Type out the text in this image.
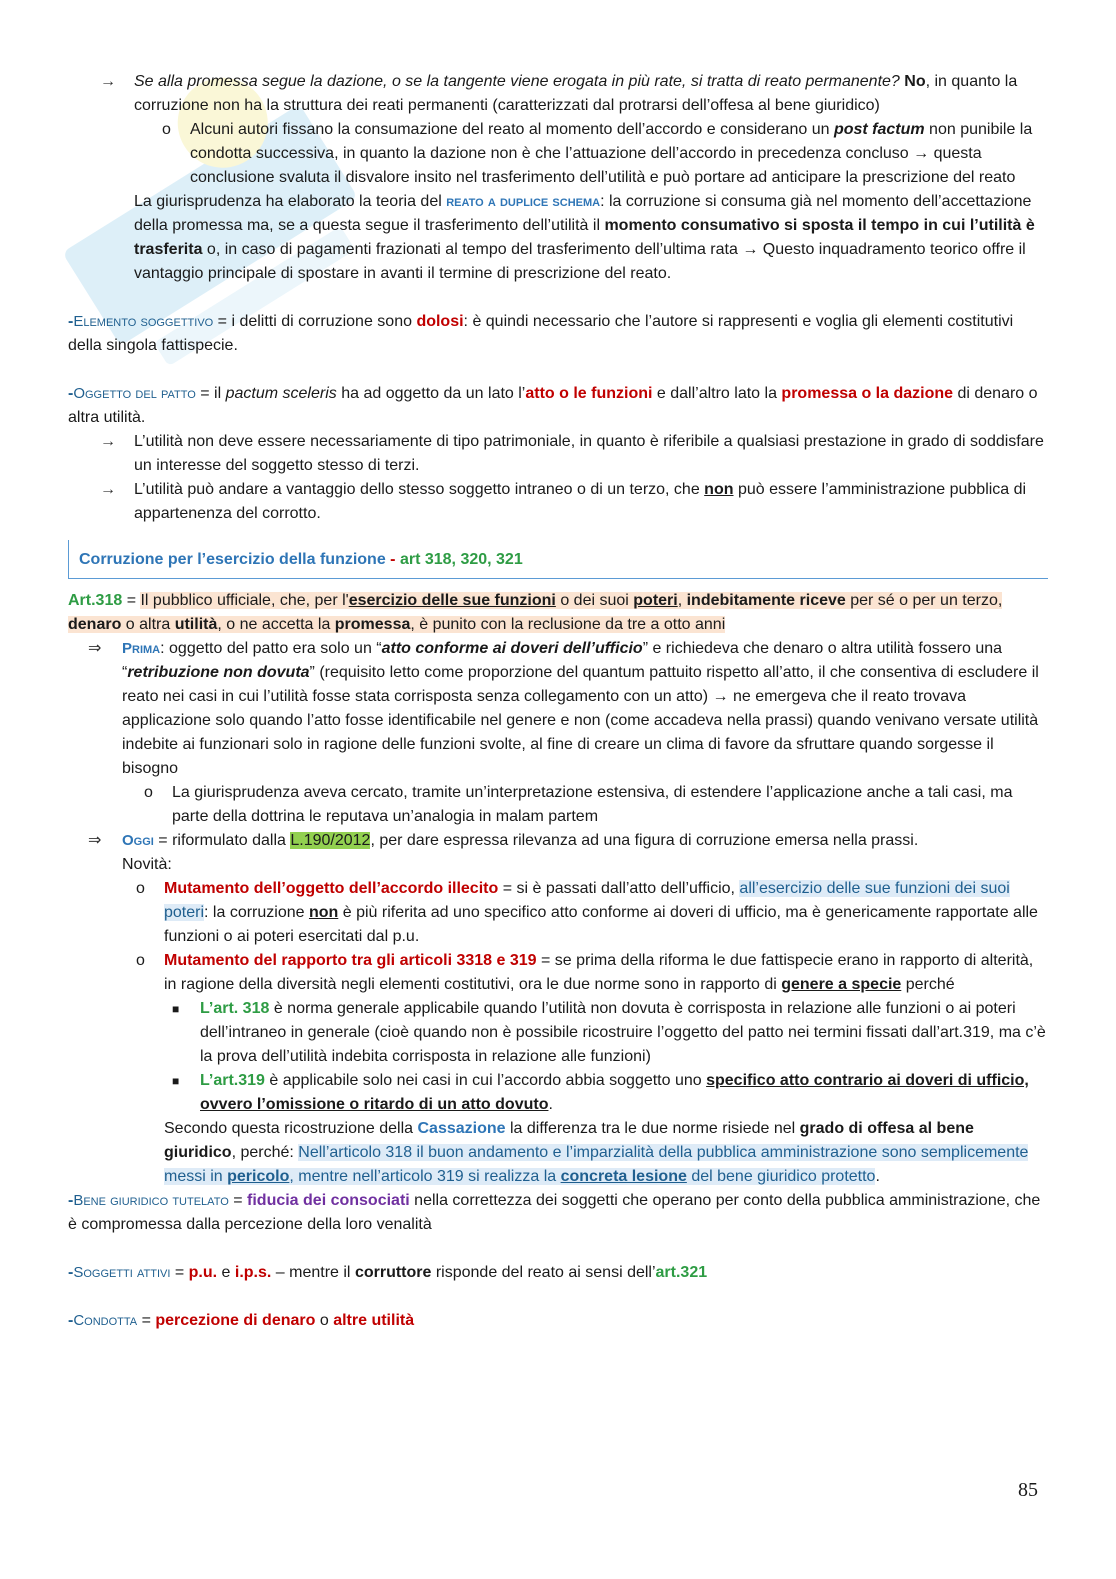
→	Se alla promessa segue la dazione, o se la tangente viene erogata in più rate, si tratta di reato permanente? No, in quanto la corruzione non ha la struttura dei reati permanenti (caratterizzati dal protrarsi dell’offesa al bene giuridico)
o	Alcuni autori fissano la consumazione del reato al momento dell’accordo e considerano un post factum non punibile la condotta successiva, in quanto la dazione non è che l’attuazione dell’accordo in precedenza concluso → questa conclusione svaluta il disvalore insito nel trasferimento dell’utilità e può portare ad anticipare la prescrizione del reato

La giurisprudenza ha elaborato la teoria del reato a duplice schema: la corruzione si consuma già nel momento dell’accettazione della promessa ma, se a questa segue il trasferimento dell’utilità il momento consumativo si sposta il tempo in cui l’utilità è trasferita o, in caso di pagamenti frazionati al tempo del trasferimento dell’ultima rata → Questo inquadramento teorico offre il vantaggio principale di spostare in avanti il termine di prescrizione del reato.

-Elemento soggettivo = i delitti di corruzione sono dolosi: è quindi necessario che l’autore si rappresenti e voglia gli elementi costitutivi della singola fattispecie.

-Oggetto del patto = il pactum sceleris ha ad oggetto da un lato l’atto o le funzioni e dall’altro lato la promessa o la dazione di denaro o altra utilità.

→	L’utilità non deve essere necessariamente di tipo patrimoniale, in quanto è riferibile a qualsiasi prestazione in grado di soddisfare un interesse del soggetto stesso di terzi.
→	L’utilità può andare a vantaggio dello stesso soggetto intraneo o di un terzo, che non può essere l’amministrazione pubblica di appartenenza del corrotto.
Corruzione per l’esercizio della funzione - art 318, 320, 321

Art.318 = Il pubblico ufficiale, che, per l'esercizio delle sue funzioni o dei suoi poteri, indebitamente riceve per sé o per un terzo, denaro o altra utilità, o ne accetta la promessa, è punito con la reclusione da tre a otto anni

⇒	Prima: oggetto del patto era solo un “atto conforme ai doveri dell’ufficio” e richiedeva che denaro o altra utilità fossero una “retribuzione non dovuta” (requisito letto come proporzione del quantum pattuito rispetto all’atto, il che consentiva di escludere il reato nei casi in cui l’utilità fosse stata corrisposta senza collegamento con un atto) → ne emergeva che il reato trovava applicazione solo quando l’atto fosse identificabile nel genere e non (come accadeva nella prassi) quando venivano versate utilità indebite ai funzionari solo in ragione delle funzioni svolte, al fine di creare un clima di favore da sfruttare quando sorgesse il bisogno
o	La giurisprudenza aveva cercato, tramite un’interpretazione estensiva, di estendere l’applicazione anche a tali casi, ma parte della dottrina le reputava un’analogia in malam partem
⇒	Oggi = riformulato dalla L.190/2012, per dare espressa rilevanza ad una figura di corruzione emersa nella prassi.
Novità:
o	Mutamento dell’oggetto dell’accordo illecito = si è passati dall’atto dell’ufficio, all’esercizio delle sue funzioni dei suoi poteri: la corruzione non è più riferita ad uno specifico atto conforme ai doveri di ufficio, ma è genericamente rapportate alle funzioni o ai poteri esercitati dal p.u.
o	Mutamento del rapporto tra gli articoli 3318 e 319 = se prima della riforma le due fattispecie erano in rapporto di alterità, in ragione della diversità negli elementi costitutivi, ora le due norme sono in rapporto di genere a specie perché
■	L’art. 318 è norma generale applicabile quando l’utilità non dovuta è corrisposta in relazione alle funzioni o ai poteri dell’intraneo in generale (cioè quando non è possibile ricostruire l’oggetto del patto nei termini fissati dall’art.319, ma c’è la prova dell’utilità indebita corrisposta in relazione alle funzioni)
■	L’art.319 è applicabile solo nei casi in cui l’accordo abbia soggetto uno specifico atto contrario ai doveri di ufficio, ovvero l’omissione o ritardo di un atto dovuto.

Secondo questa ricostruzione della Cassazione la differenza tra le due norme risiede nel grado di offesa al bene giuridico, perché: Nell’articolo 318 il buon andamento e l’imparzialità della pubblica amministrazione sono semplicemente messi in pericolo, mentre nell’articolo 319 si realizza la concreta lesione del bene giuridico protetto.

-Bene giuridico tutelato = fiducia dei consociati nella correttezza dei soggetti che operano per conto della pubblica amministrazione, che è compromessa dalla percezione della loro venalità

-Soggetti attivi = p.u. e i.p.s. – mentre il corruttore risponde del reato ai sensi dell’art.321

-Condotta = percezione di denaro o altre utilità

85
